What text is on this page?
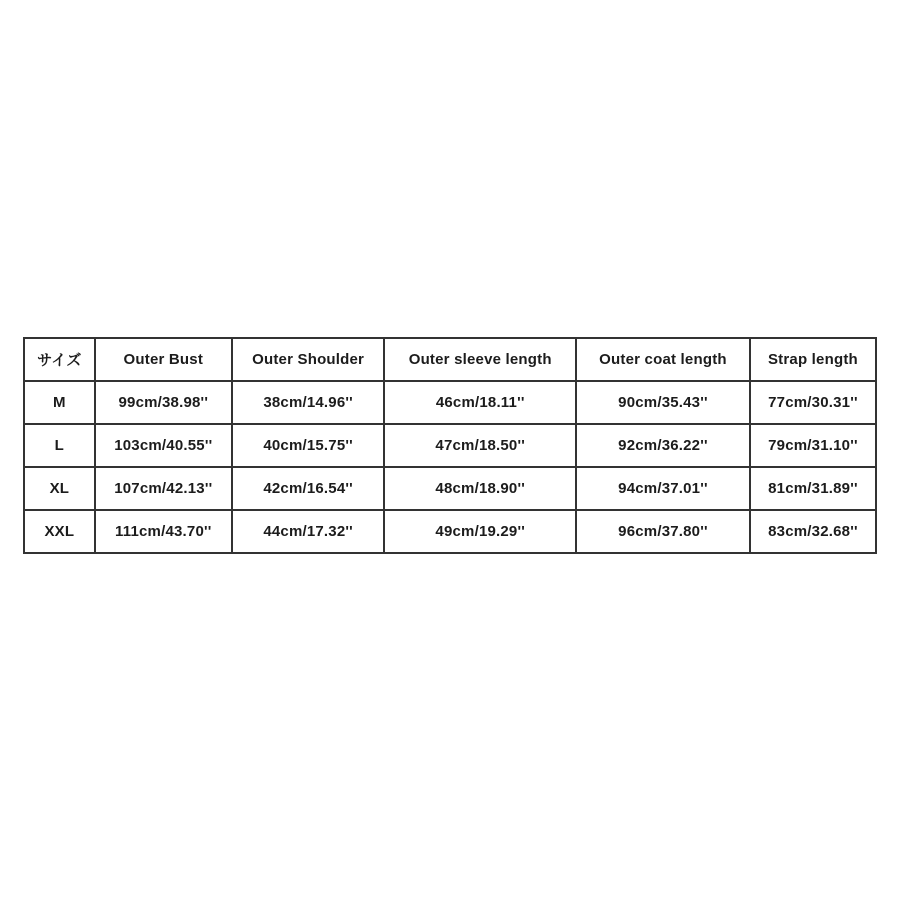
サイズ	Outer Bust	Outer Shoulder	Outer sleeve length	Outer coat length	Strap length
M	99cm/38.98''	38cm/14.96''	46cm/18.11''	90cm/35.43''	77cm/30.31''
L	103cm/40.55''	40cm/15.75''	47cm/18.50''	92cm/36.22''	79cm/31.10''
XL	107cm/42.13''	42cm/16.54''	48cm/18.90''	94cm/37.01''	81cm/31.89''
XXL	111cm/43.70''	44cm/17.32''	49cm/19.29''	96cm/37.80''	83cm/32.68''
